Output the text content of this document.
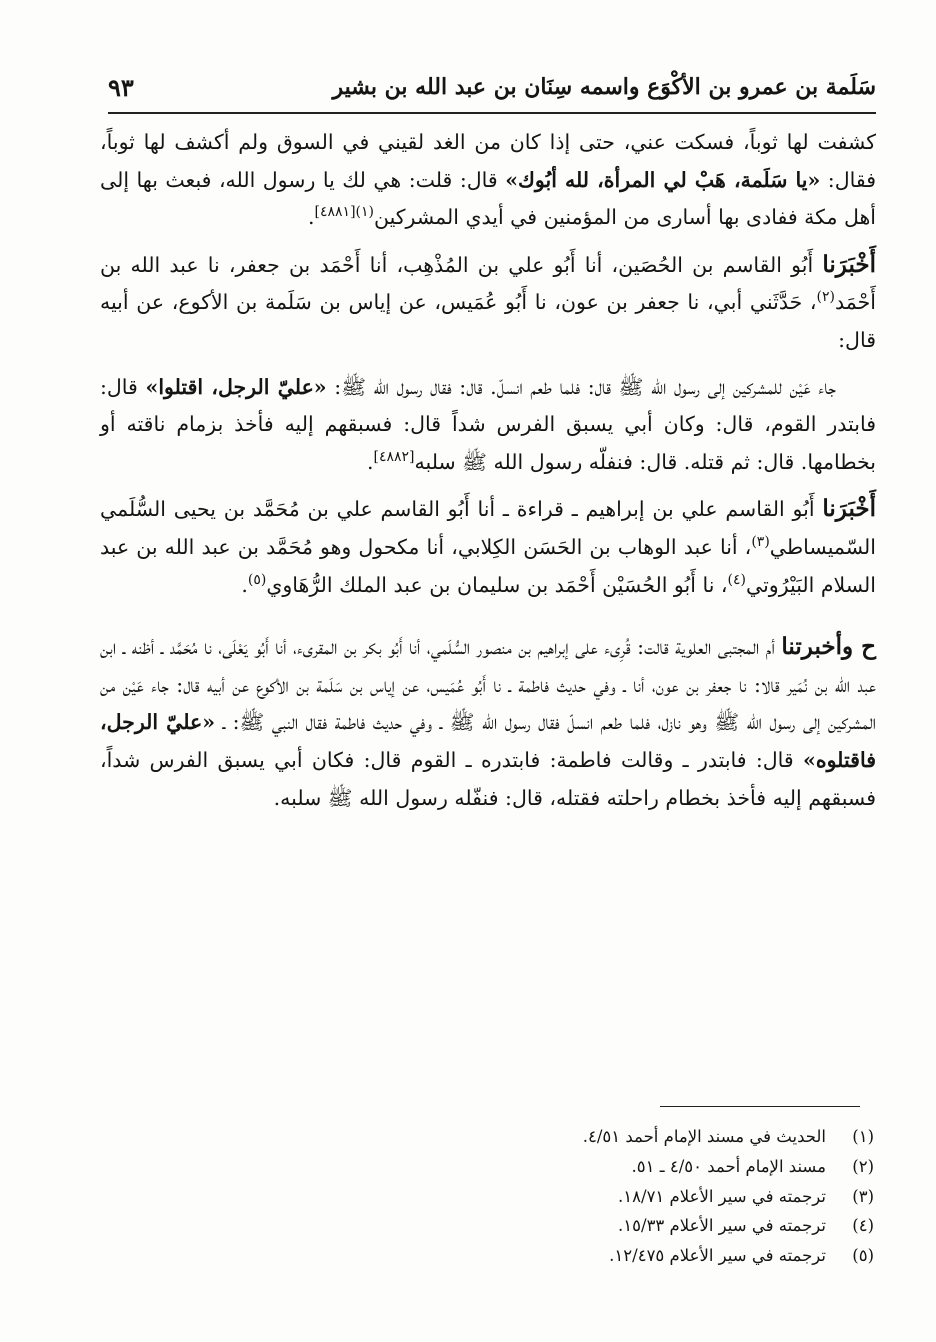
سَلَمة بن عمرو بن الأكْوَع واسمه سِنَان بن عبد الله بن بشير
٩٣

كشفت لها ثوباً، فسكت عني، حتى إذا كان من الغد لقيني في السوق ولم أكشف لها ثوباً، فقال: «يا سَلَمة، هَبْ لي المرأة، لله أبُوك» قال: قلت: هي لك يا رسول الله، فبعث بها إلى أهل مكة ففادى بها أسارى من المؤمنين في أيدي المشركين$^{(١)[٤٨٨١]}$.

أَخْبَرَنا أَبُو القاسم بن الحُصَين، أنا أَبُو علي بن المُذْهِب، أنا أَحْمَد بن جعفر، نا عبد الله بن أَحْمَد$^{(٢)}$، حَدَّثَني أبي، نا جعفر بن عون، نا أَبُو عُمَيس، عن إياس بن سَلَمة بن الأكوع، عن أبيه قال:

جاء عَيْن للمشركين إلى رسول الله ﷺ قال: فلما طعم انسلّ. قال: فقال رسول الله ﷺ: «عليّ الرجل، اقتلوا» قال: فابتدر القوم، قال: وكان أبي يسبق الفرس شداً قال: فسبقهم إليه فأخذ بزمام ناقته أو بخطامها. قال: ثم قتله. قال: فنفلّه رسول الله ﷺ سلبه[٤٨٨٢].

أَخْبَرَنا أَبُو القاسم علي بن إبراهيم ـ قراءة ـ أنا أَبُو القاسم علي بن مُحَمَّد بن يحيى السُّلَمي السّميساطي$^{(٣)}$، أنا عبد الوهاب بن الحَسَن الكِلابي، أنا مكحول وهو مُحَمَّد بن عبد الله بن عبد السلام البَيْرُوتي$^{(٤)}$، نا أَبُو الحُسَيْن أَحْمَد بن سليمان بن عبد الملك الرُّهَاوي$^{(٥)}$.

ح وأخبرتنا أم المجتبى العلوية قالت: قُرِىء على إبراهيم بن منصور السُّلَمي، أنا أَبُو بكر بن المقرىء، أنا أَبُو يَعْلَى، نا مُحَمَّد ـ أظنه ـ ابن عبد الله بن نُمَير قالا: نا جعفر بن عون، أنا ـ وفي حديث فاطمة ـ نا أَبُو عُمَيس، عن إياس بن سَلَمة بن الأكوع عن أبيه قال: جاء عَيْن من المشركين إلى رسول الله ﷺ وهو نازل، فلما طعم انسلّ فقال رسول الله ﷺ ـ وفي حديث فاطمة فقال النبي ﷺ: ـ «عليّ الرجل، فاقتلوه» قال: فابتدر ـ وقالت فاطمة: فابتدره ـ القوم قال: فكان أبي يسبق الفرس شداً، فسبقهم إليه فأخذ بخطام راحلته فقتله، قال: فنفّله رسول الله ﷺ سلبه.

(١)
الحديث في مسند الإمام أحمد ٤/٥١.
(٢)
مسند الإمام أحمد ٤/٥٠ ـ ٥١.
(٣)
ترجمته في سير الأعلام ١٨/٧١.
(٤)
ترجمته في سير الأعلام ١٥/٣٣.
(٥)
ترجمته في سير الأعلام ١٢/٤٧٥.
